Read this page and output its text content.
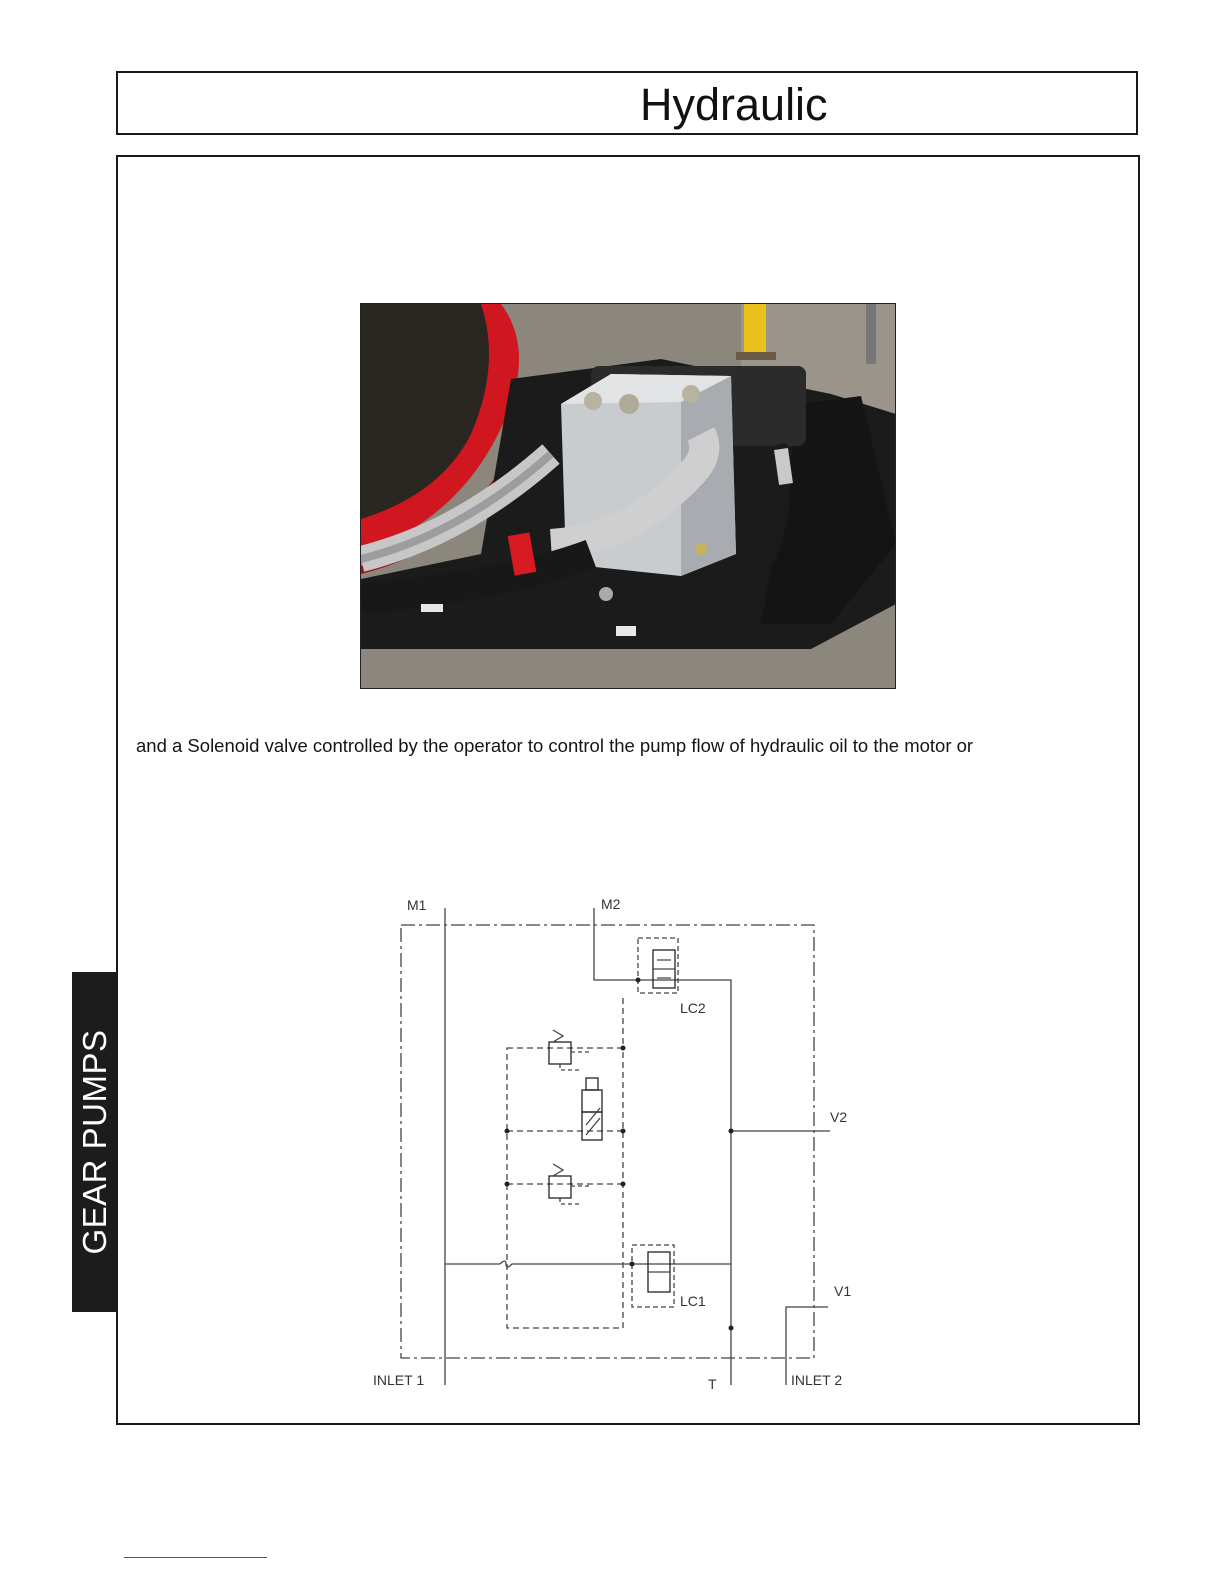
Hydraulic
and a Solenoid valve controlled by the operator to control the pump flow of hydraulic oil to the motor or
M1	M2
LC2
V2
LC1
V1
INLET 1	T	INLET 2
GEAR PUMPS
